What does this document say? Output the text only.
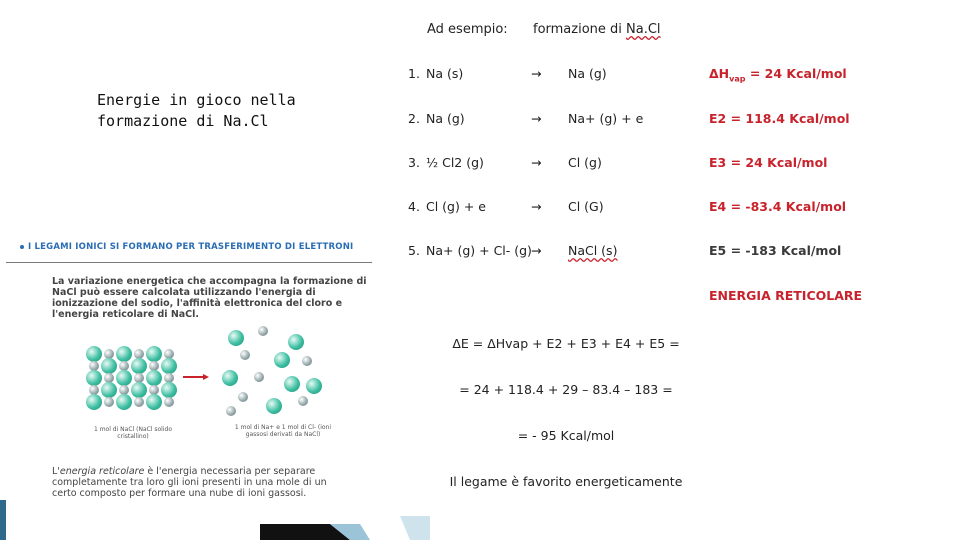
Energie in gioco nella formazione di Na.Cl
Ad esempio: formazione di Na.Cl
1. Na (s)	→ Na (g)	$\Delta H_{vap} = 24$ Kcal/mol
2. Na (g)	→ Na+ (g) + e	E2 = 118.4 Kcal/mol
3. ½ Cl2 (g)	→ Cl (g)	E3 = 24 Kcal/mol
4. Cl (g) + e	→ Cl (G)	E4 = -83.4 Kcal/mol
5. Na+ (g) + Cl- (g) → NaCl (s)	E5 = -183 Kcal/mol
ENERGIA RETICOLARE
ΔE = ΔHvap + E2 + E3 + E4 + E5 =
= 24 + 118.4 + 29 – 83.4 – 183 =
= - 95 Kcal/mol
Il legame è favorito energeticamente
I LEGAMI IONICI SI FORMANO PER TRASFERIMENTO DI ELETTRONI
La variazione energetica che accompagna la formazione di NaCl può essere calcolata utilizzando l'energia di ionizzazione del sodio, l'affinità elettronica del cloro e l'energia reticolare di NaCl.
1 mol di NaCl (NaCl solido cristallino)
1 mol di Na+ e 1 mol di Cl- (ioni gassosi derivati da NaCl)
L'energia reticolare è l'energia necessaria per separare completamente tra loro gli ioni presenti in una mole di un certo composto per formare una nube di ioni gassosi.
